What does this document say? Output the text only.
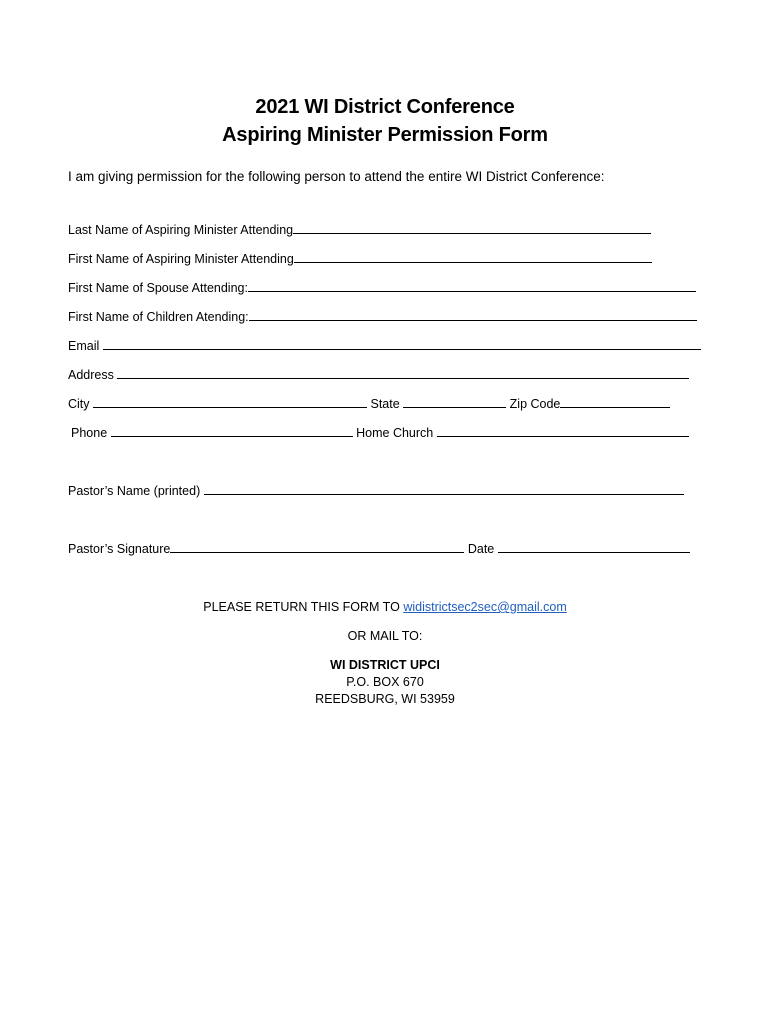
2021 WI District Conference
Aspiring Minister Permission Form
I am giving permission for the following person to attend the entire WI District Conference:
Last Name of Aspiring Minister Attending
First Name of Aspiring Minister Attending
First Name of Spouse Attending:
First Name of Children Atending:
Email
Address
City	State	Zip Code
Phone	Home Church
Pastor’s Name (printed)
Pastor’s Signature	Date
PLEASE RETURN THIS FORM TO widistrictsec2sec@gmail.com
OR MAIL TO:
WI DISTRICT UPCI
P.O. BOX 670
REEDSBURG, WI 53959
